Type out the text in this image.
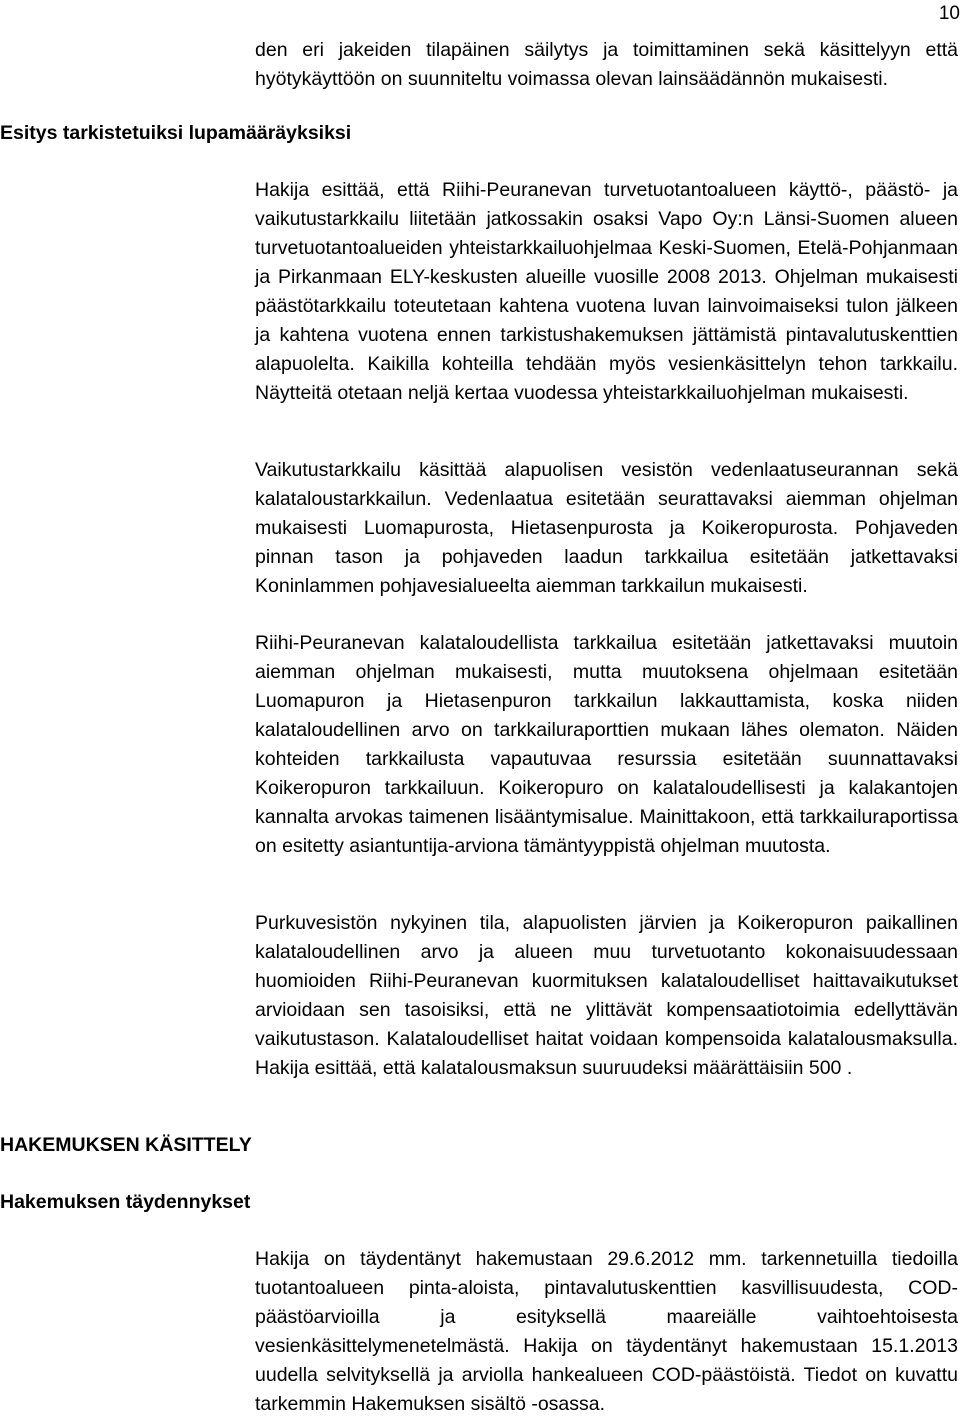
10

den eri jakeiden tilapäinen säilytys ja toimittaminen sekä käsittelyyn että hyötykäyttöön on suunniteltu voimassa olevan lainsäädännön mukaisesti.

Esitys tarkistetuiksi lupamääräyksiksi

Hakija esittää, että Riihi-Peuranevan turvetuotantoalueen käyttö-, päästö- ja vaikutustarkkailu liitetään jatkossakin osaksi Vapo Oy:n Länsi-Suomen alueen turvetuotantoalueiden yhteistarkkailuohjelmaa Keski-Suomen, Etelä-Pohjanmaan ja Pirkanmaan ELY-keskusten alueille vuosille 2008 2013. Ohjelman mukaisesti päästötarkkailu toteutetaan kahtena vuotena luvan lainvoimaiseksi tulon jälkeen ja kahtena vuotena ennen tarkistushakemuksen jättämistä pintavalutuskenttien alapuolelta. Kaikilla kohteilla tehdään myös vesienkäsittelyn tehon tarkkailu. Näytteitä otetaan neljä kertaa vuodessa yhteistarkkailuohjelman mukaisesti.

Vaikutustarkkailu käsittää alapuolisen vesistön vedenlaatuseurannan sekä kalataloustarkkailun. Vedenlaatua esitetään seurattavaksi aiemman ohjelman mukaisesti Luomapurosta, Hietasenpurosta ja Koikeropurosta. Pohjaveden pinnan tason ja pohjaveden laadun tarkkailua esitetään jatkettavaksi Koninlammen pohjavesialueelta aiemman tarkkailun mukaisesti.

Riihi-Peuranevan kalataloudellista tarkkailua esitetään jatkettavaksi muutoin aiemman ohjelman mukaisesti, mutta muutoksena ohjelmaan esitetään Luomapuron ja Hietasenpuron tarkkailun lakkauttamista, koska niiden kalataloudellinen arvo on tarkkailuraporttien mukaan lähes olematon. Näiden kohteiden tarkkailusta vapautuvaa resurssia esitetään suunnattavaksi Koikeropuron tarkkailuun. Koikeropuro on kalataloudellisesti ja kalakantojen kannalta arvokas taimenen lisääntymisalue. Mainittakoon, että tarkkailuraportissa on esitetty asiantuntija-arviona tämäntyyppistä ohjelman muutosta.

Purkuvesistön nykyinen tila, alapuolisten järvien ja Koikeropuron paikallinen kalataloudellinen arvo ja alueen muu turvetuotanto kokonaisuudessaan huomioiden Riihi-Peuranevan kuormituksen kalataloudelliset haittavaikutukset arvioidaan sen tasoisiksi, että ne ylittävät kompensaatiotoimia edellyttävän vaikutustason. Kalataloudelliset haitat voidaan kompensoida kalatalousmaksulla. Hakija esittää, että kalatalousmaksun suuruudeksi määrättäisiin 500 .

HAKEMUKSEN KÄSITTELY
Hakemuksen täydennykset

Hakija on täydentänyt hakemustaan 29.6.2012 mm. tarkennetuilla tiedoilla tuotantoalueen pinta-aloista, pintavalutuskenttien kasvillisuudesta, COD-päästöarvioilla ja esityksellä maareiälle vaihtoehtoisesta vesienkäsittelymenetelmästä. Hakija on täydentänyt hakemustaan 15.1.2013 uudella selvityksellä ja arviolla hankealueen COD-päästöistä. Tiedot on kuvattu tarkemmin Hakemuksen sisältö -osassa.
